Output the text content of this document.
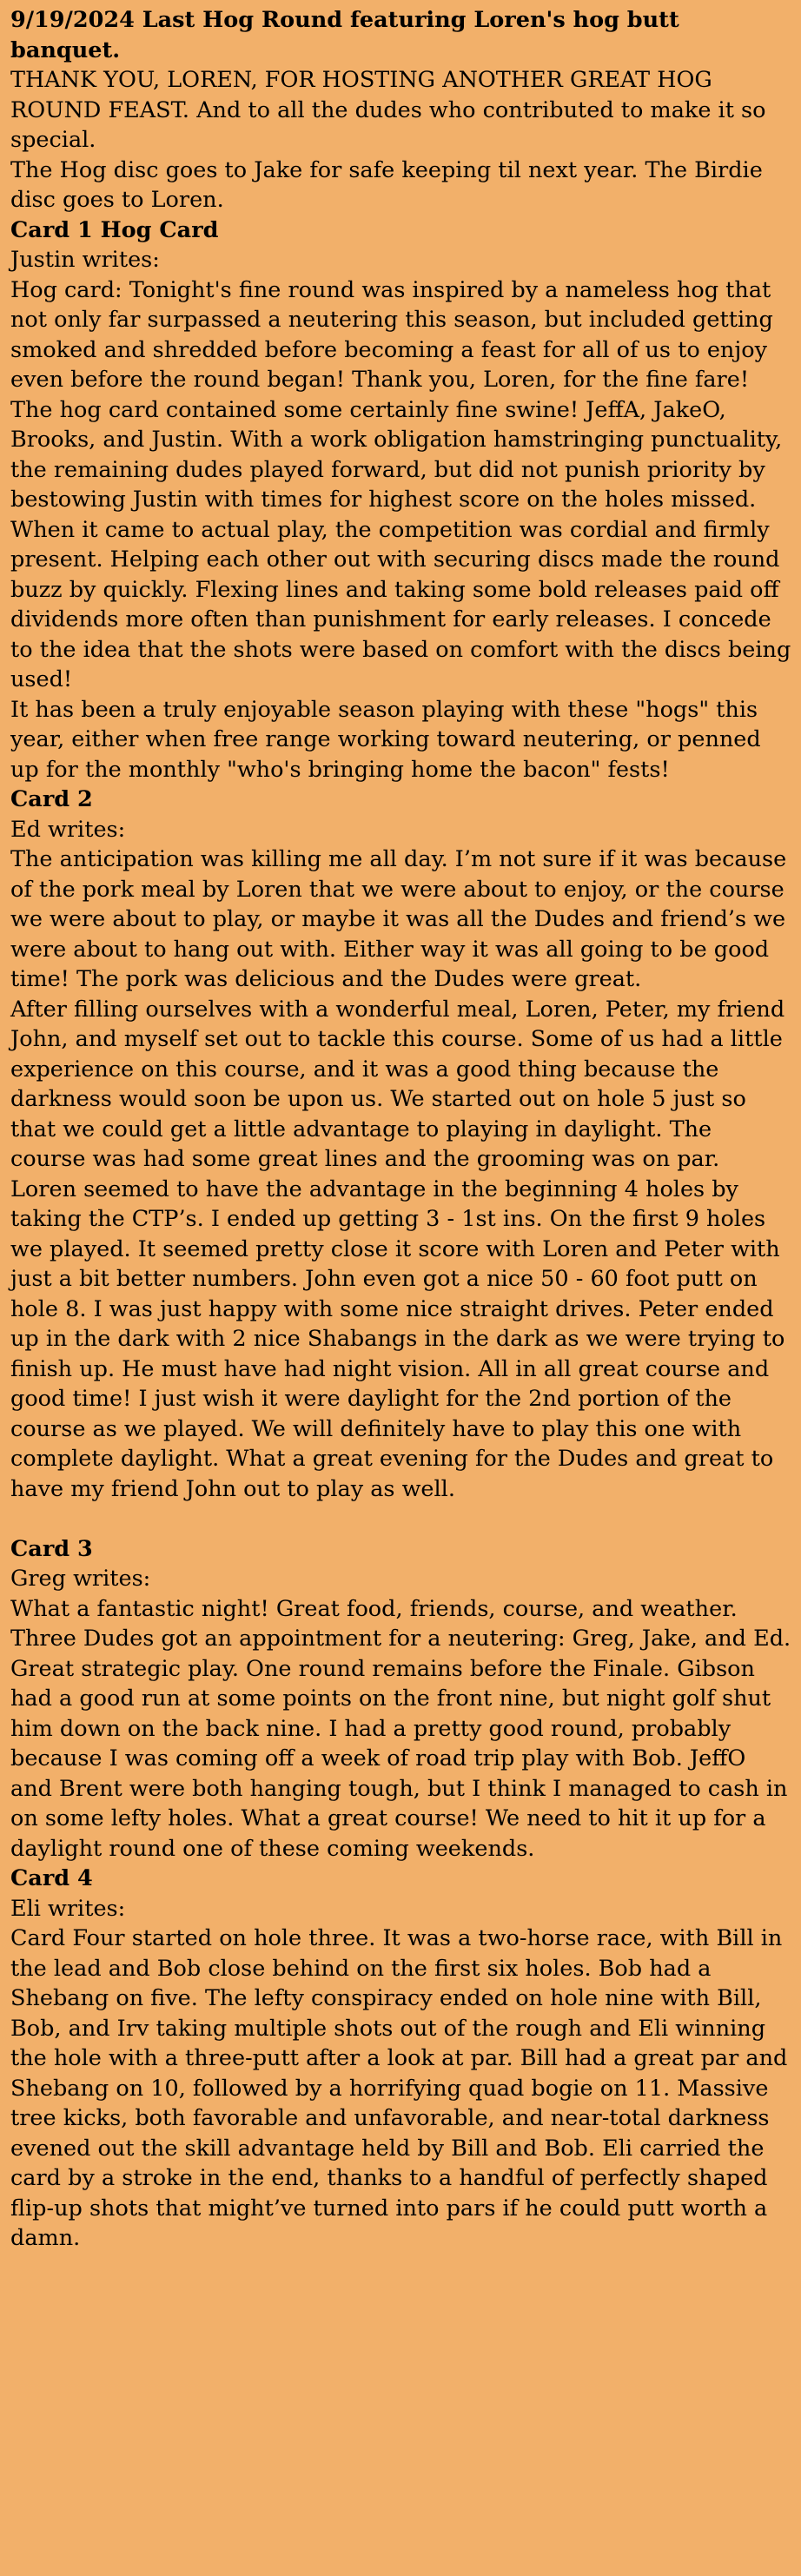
9/19/2024 Last Hog Round featuring Loren's hog butt banquet.

THANK YOU, LOREN, FOR HOSTING ANOTHER GREAT HOG ROUND FEAST. And to all the dudes who contributed to make it so special.

The Hog disc goes to Jake for safe keeping til next year. The Birdie disc goes to Loren.

Card 1 Hog Card

Justin writes:

Hog card: Tonight's fine round was inspired by a nameless hog that not only far surpassed a neutering this season, but included getting smoked and shredded before becoming a feast for all of us to enjoy even before the round began! Thank you, Loren, for the fine fare!

The hog card contained some certainly fine swine! JeffA, JakeO, Brooks, and Justin. With a work obligation hamstringing punctuality, the remaining dudes played forward, but did not punish priority by bestowing Justin with times for highest score on the holes missed.

When it came to actual play, the competition was cordial and firmly present. Helping each other out with securing discs made the round buzz by quickly. Flexing lines and taking some bold releases paid off dividends more often than punishment for early releases. I concede to the idea that the shots were based on comfort with the discs being used!

It has been a truly enjoyable season playing with these "hogs" this year, either when free range working toward neutering, or penned up for the monthly "who's bringing home the bacon" fests!

Card 2

Ed writes:

The anticipation was killing me all day. I’m not sure if it was because of the pork meal by Loren that we were about to enjoy, or the course we were about to play, or maybe it was all the Dudes and friend’s we were about to hang out with. Either way it was all going to be good time! The pork was delicious and the Dudes were great.

After filling ourselves with a wonderful meal, Loren, Peter, my friend John, and myself set out to tackle this course. Some of us had a little experience on this course, and it was a good thing because the darkness would soon be upon us. We started out on hole 5 just so that we could get a little advantage to playing in daylight. The course was had some great lines and the grooming was on par. Loren seemed to have the advantage in the beginning 4 holes by taking the CTP’s. I ended up getting 3 - 1st ins. On the first 9 holes we played. It seemed pretty close it score with Loren and Peter with just a bit better numbers. John even got a nice 50 - 60 foot putt on hole 8. I was just happy with some nice straight drives. Peter ended up in the dark with 2 nice Shabangs in the dark as we were trying to finish up. He must have had night vision. All in all great course and good time! I just wish it were daylight for the 2nd portion of the course as we played. We will definitely have to play this one with complete daylight. What a great evening for the Dudes and great to have my friend John out to play as well.

Card 3

Greg writes:

What a fantastic night! Great food, friends, course, and weather. Three Dudes got an appointment for a neutering: Greg, Jake, and Ed. Great strategic play. One round remains before the Finale. Gibson had a good run at some points on the front nine, but night golf shut him down on the back nine. I had a pretty good round, probably because I was coming off a week of road trip play with Bob. JeffO and Brent were both hanging tough, but I think I managed to cash in on some lefty holes. What a great course! We need to hit it up for a daylight round one of these coming weekends.

Card 4

Eli writes:

Card Four started on hole three. It was a two-horse race, with Bill in the lead and Bob close behind on the first six holes. Bob had a Shebang on five. The lefty conspiracy ended on hole nine with Bill, Bob, and Irv taking multiple shots out of the rough and Eli winning the hole with a three-putt after a look at par. Bill had a great par and Shebang on 10, followed by a horrifying quad bogie on 11. Massive tree kicks, both favorable and unfavorable, and near-total darkness evened out the skill advantage held by Bill and Bob. Eli carried the card by a stroke in the end, thanks to a handful of perfectly shaped flip-up shots that might’ve turned into pars if he could putt worth a damn.
